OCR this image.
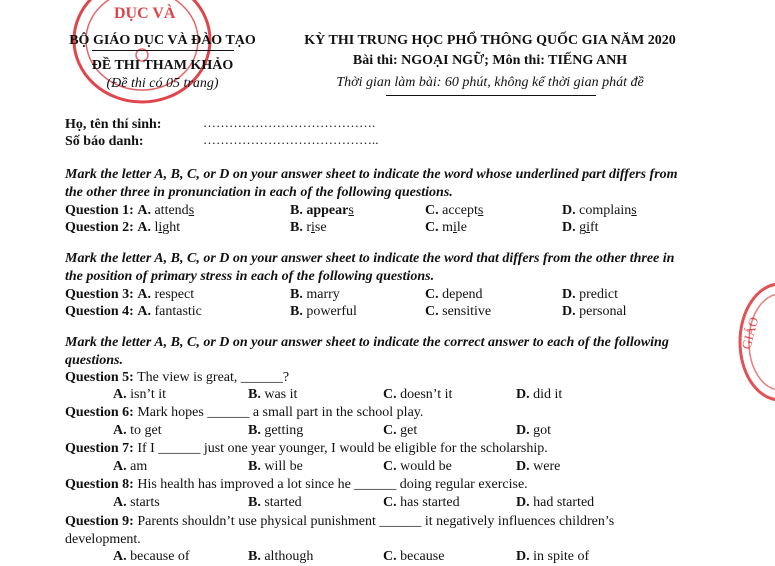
DỤC VÀ
GIÁO
BỘ GIÁO DỤC VÀ ĐÀO TẠO
ĐỀ THI THAM KHẢO
(Đề thi có 05 trang)
KỲ THI TRUNG HỌC PHỔ THÔNG QUỐC GIA NĂM 2020
Bài thi: NGOẠI NGỮ; Môn thi: TIẾNG ANH
Thời gian làm bài: 60 phút, không kể thời gian phát đề
Họ, tên thí sinh:	………………………………….
Số báo danh:	…………………………………..
Mark the letter A, B, C, or D on your answer sheet to indicate the word whose underlined part differs from the other three in pronunciation in each of the following questions.
Question 1: A. attends	B. appears	C. accepts	D. complains
Question 2: A. light	B. rise	C. mile	D. gift
Mark the letter A, B, C, or D on your answer sheet to indicate the word that differs from the other three in the position of primary stress in each of the following questions.
Question 3: A. respect	B. marry	C. depend	D. predict
Question 4: A. fantastic	B. powerful	C. sensitive	D. personal
Mark the letter A, B, C, or D on your answer sheet to indicate the correct answer to each of the following questions.
Question 5: The view is great, ______?
A. isn’t it	B. was it	C. doesn’t it	D. did it
Question 6: Mark hopes ______ a small part in the school play.
A. to get	B. getting	C. get	D. got
Question 7: If I ______ just one year younger, I would be eligible for the scholarship.
A. am	B. will be	C. would be	D. were
Question 8: His health has improved a lot since he ______ doing regular exercise.
A. starts	B. started	C. has started	D. had started
Question 9: Parents shouldn’t use physical punishment ______ it negatively influences children’s
development.
A. because of	B. although	C. because	D. in spite of
